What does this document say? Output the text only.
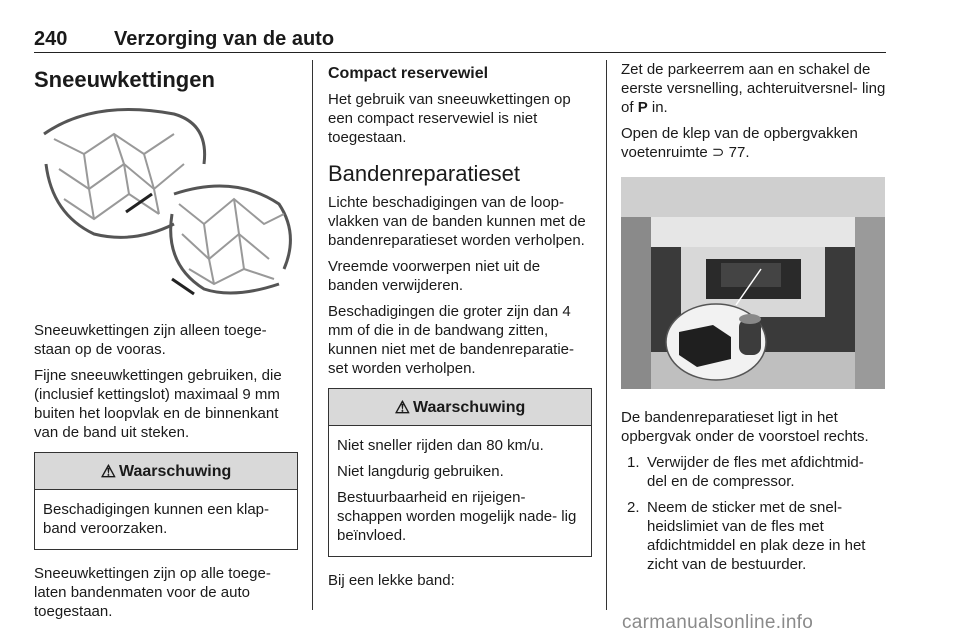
240 Verzorging van de auto
Sneeuwkettingen

Sneeuwkettingen zijn alleen toege- staan op de vooras.

Fijne sneeuwkettingen gebruiken, die (inclusief kettingslot) maximaal 9 mm buiten het loopvlak en de binnenkant van de band uit steken.

⚠ Waarschuwing

Beschadigingen kunnen een klap- band veroorzaken.

Sneeuwkettingen zijn op alle toege- laten bandenmaten voor de auto toegestaan.

Compact reservewiel

Het gebruik van sneeuwkettingen op een compact reservewiel is niet toegestaan.

Bandenreparatieset

Lichte beschadigingen van de loop- vlakken van de banden kunnen met de bandenreparatieset worden verholpen.

Vreemde voorwerpen niet uit de banden verwijderen.

Beschadigingen die groter zijn dan 4 mm of die in de bandwang zitten, kunnen niet met de bandenreparatie- set worden verholpen.

⚠ Waarschuwing

Niet sneller rijden dan 80 km/u.

Niet langdurig gebruiken.

Bestuurbaarheid en rijeigen- schappen worden mogelijk nade- lig beïnvloed.

Bij een lekke band:

Zet de parkeerrem aan en schakel de eerste versnelling, achteruitversnel- ling of P in.

Open de klep van de opbergvakken voetenruimte ⊃ 77.

De bandenreparatieset ligt in het opbergvak onder de voorstoel rechts.

1. Verwijder de fles met afdichtmid- del en de compressor.
2. Neem de sticker met de snel- heidslimiet van de fles met afdichtmiddel en plak deze in het zicht van de bestuurder.
carmanualsonline.info
